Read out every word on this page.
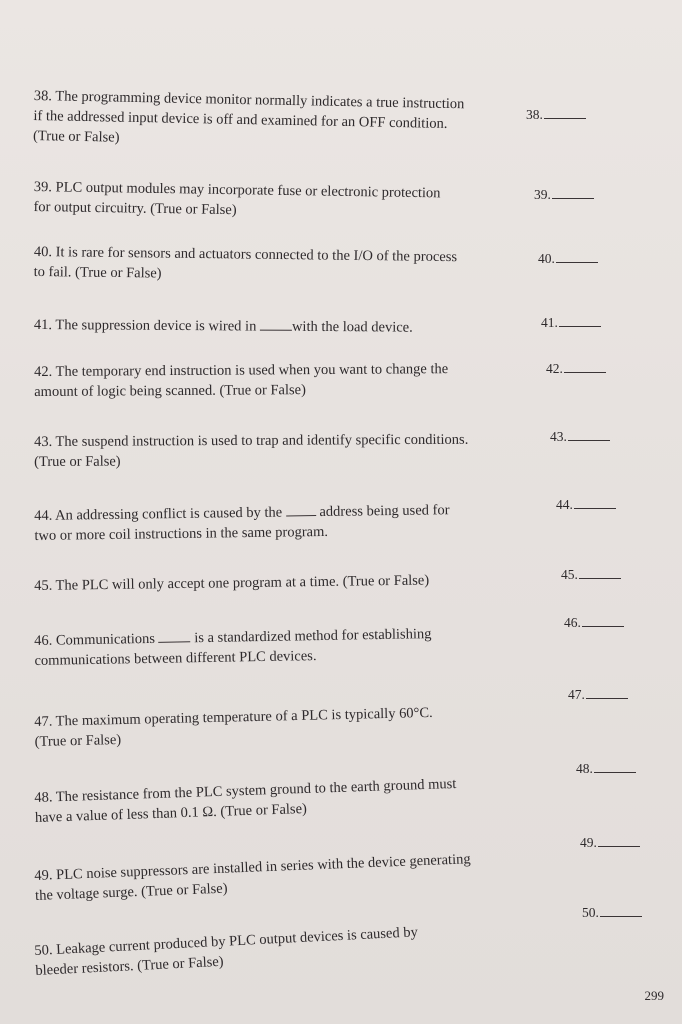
38. The programming device monitor normally indicates a true instruction
if the addressed input device is off and examined for an OFF condition.
(True or False)
38.
39. PLC output modules may incorporate fuse or electronic protection
for output circuitry. (True or False)
39.
40. It is rare for sensors and actuators connected to the I/O of the process
to fail. (True or False)
40.
41. The suppression device is wired in with the load device.	41.
42. The temporary end instruction is used when you want to change the
amount of logic being scanned. (True or False)
42.
43. The suspend instruction is used to trap and identify specific conditions.
(True or False)
43.
44. An addressing conflict is caused by the	address being used for
two or more coil instructions in the same program.
44.
45. The PLC will only accept one program at a time. (True or False)	45.
46. Communications	is a standardized method for establishing
communications between different PLC devices.
46.
47. The maximum operating temperature of a PLC is typically 60°C.
(True or False)
47.
48. The resistance from the PLC system ground to the earth ground must
have a value of less than 0.1 Ω. (True or False)
48.
49. PLC noise suppressors are installed in series with the device generating
the voltage surge. (True or False)
49.
50. Leakage current produced by PLC output devices is caused by
bleeder resistors. (True or False)
50.
299
